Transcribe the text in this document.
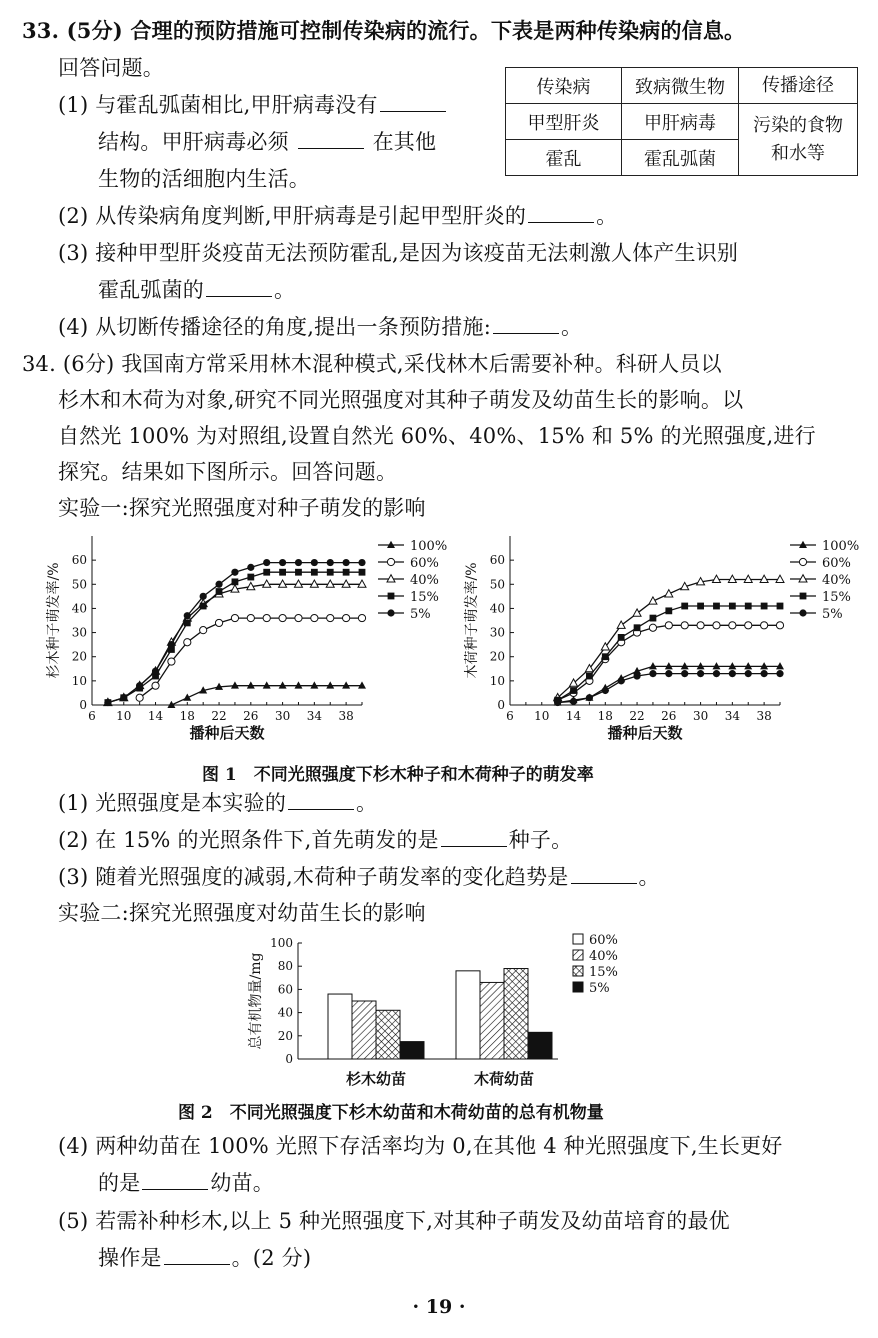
33. (5分) 合理的预防措施可控制传染病的流行。下表是两种传染病的信息。
回答问题。
(1) 与霍乱弧菌相比,甲肝病毒没有
结构。甲肝病毒必须	在其他
生物的活细胞内生活。
传染病	致病微生物	传播途径
甲型肝炎	甲肝病毒	污染的食物
和水等
霍乱	霍乱弧菌	
(2) 从传染病角度判断,甲肝病毒是引起甲型肝炎的	。
(3) 接种甲型肝炎疫苗无法预防霍乱,是因为该疫苗无法刺激人体产生识别
霍乱弧菌的	。
(4) 从切断传播途径的角度,提出一条预防措施:	。
34. (6分) 我国南方常采用林木混种模式,采伐林木后需要补种。科研人员以
杉木和木荷为对象,研究不同光照强度对其种子萌发及幼苗生长的影响。以
自然光 100% 为对照组,设置自然光 60%、40%、15% 和 5% 的光照强度,进行
探究。结果如下图所示。回答问题。
实验一:探究光照强度对种子萌发的影响
0
10
20
30
40
50
60
6 10 14 18 22 26 30 34 38
播种后天数
杉木种子萌发率/%
100%
60%
40%
15%
5%
0
10
20
30
40
50
60
6 10 14 18 22 26 30 34 38
播种后天数
木荷种子萌发率/%
100%
60%
40%
15%
5%
图 1　不同光照强度下杉木种子和木荷种子的萌发率
(1) 光照强度是本实验的	。
(2) 在 15% 的光照条件下,首先萌发的是	种子。
(3) 随着光照强度的减弱,木荷种子萌发率的变化趋势是	。
实验二:探究光照强度对幼苗生长的影响
0
20
40
60
80
100
总有机物量/mg
杉木幼苗	木荷幼苗
60%
40%
15%
5%
图 2　不同光照强度下杉木幼苗和木荷幼苗的总有机物量
(4) 两种幼苗在 100% 光照下存活率均为 0,在其他 4 种光照强度下,生长更好
的是	幼苗。
(5) 若需补种杉木,以上 5 种光照强度下,对其种子萌发及幼苗培育的最优
操作是	。(2 分)
· 19 ·
